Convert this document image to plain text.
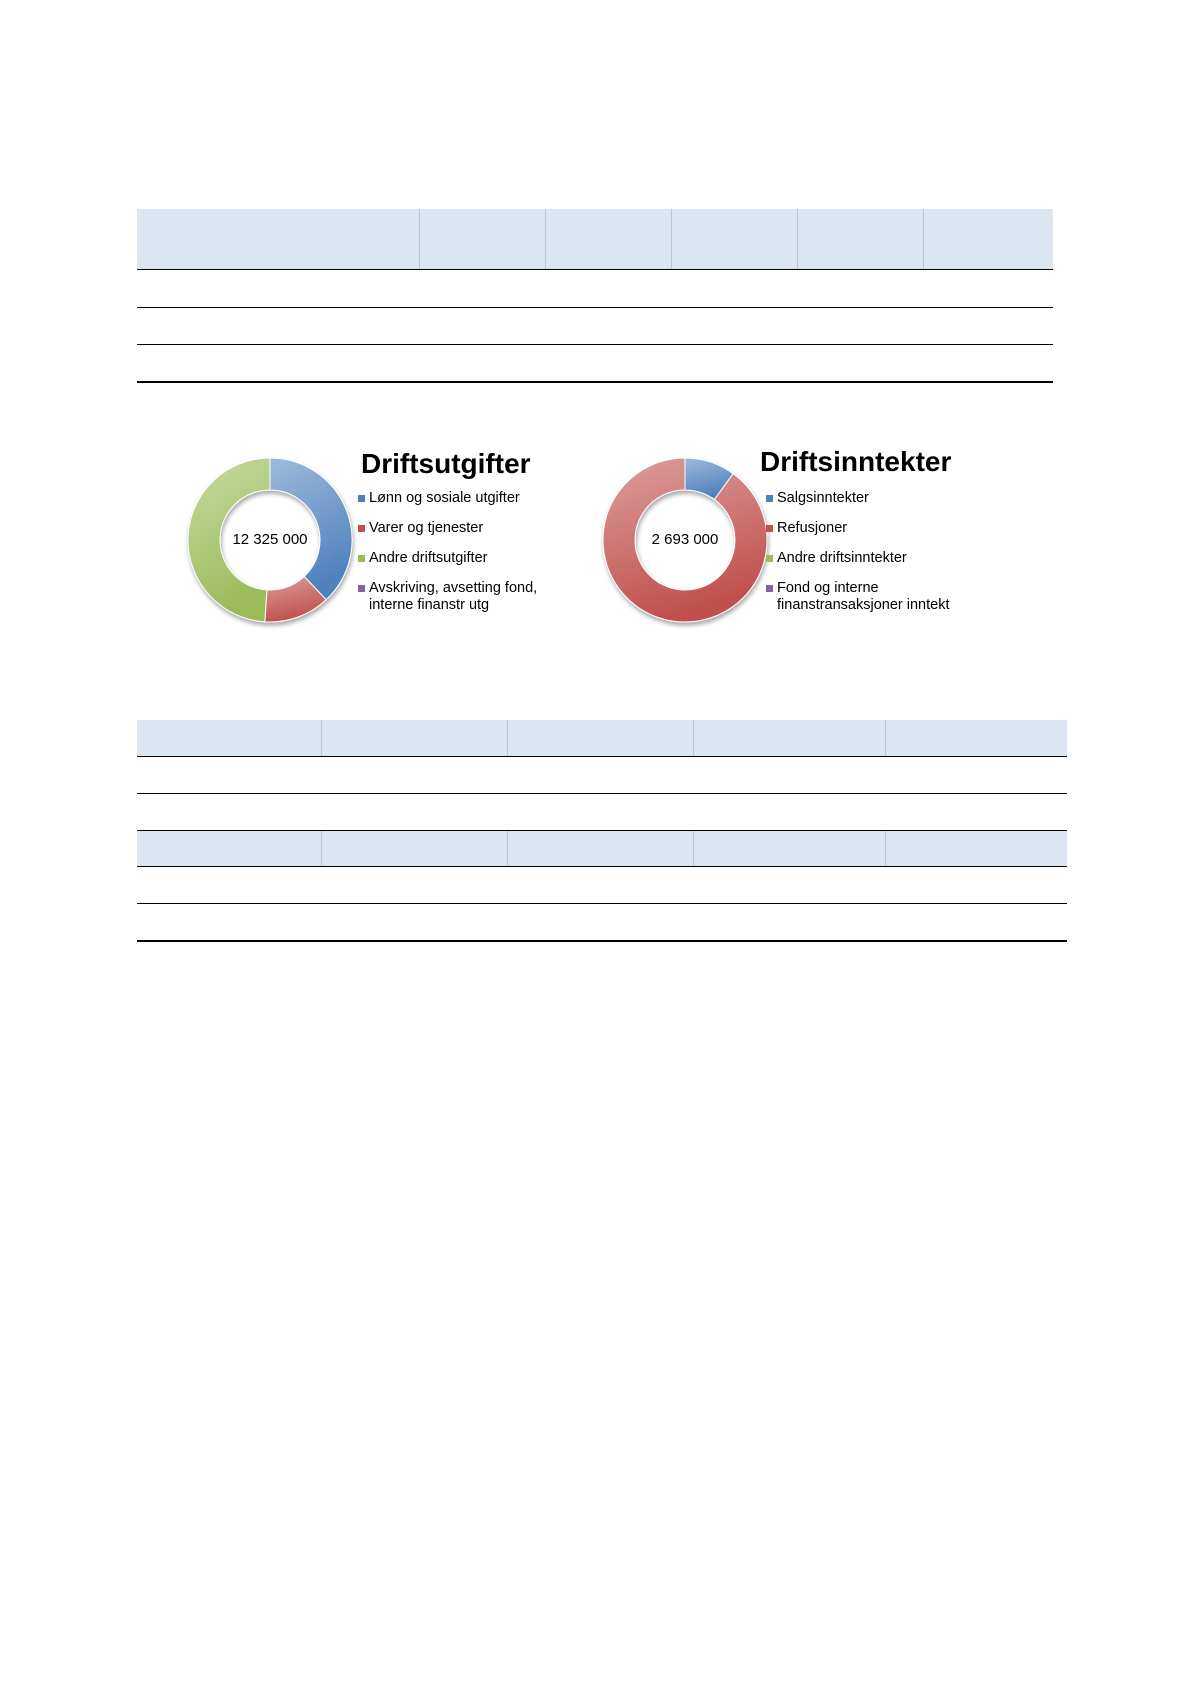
12 325 000
Driftsutgifter
Lønn og sosiale utgifter
Varer og tjenester
Andre driftsutgifter
Avskriving, avsetting fond,
interne finanstr utg
2 693 000
Driftsinntekter
Salgsinntekter
Refusjoner
Andre driftsinntekter
Fond og interne
finanstransaksjoner inntekt
